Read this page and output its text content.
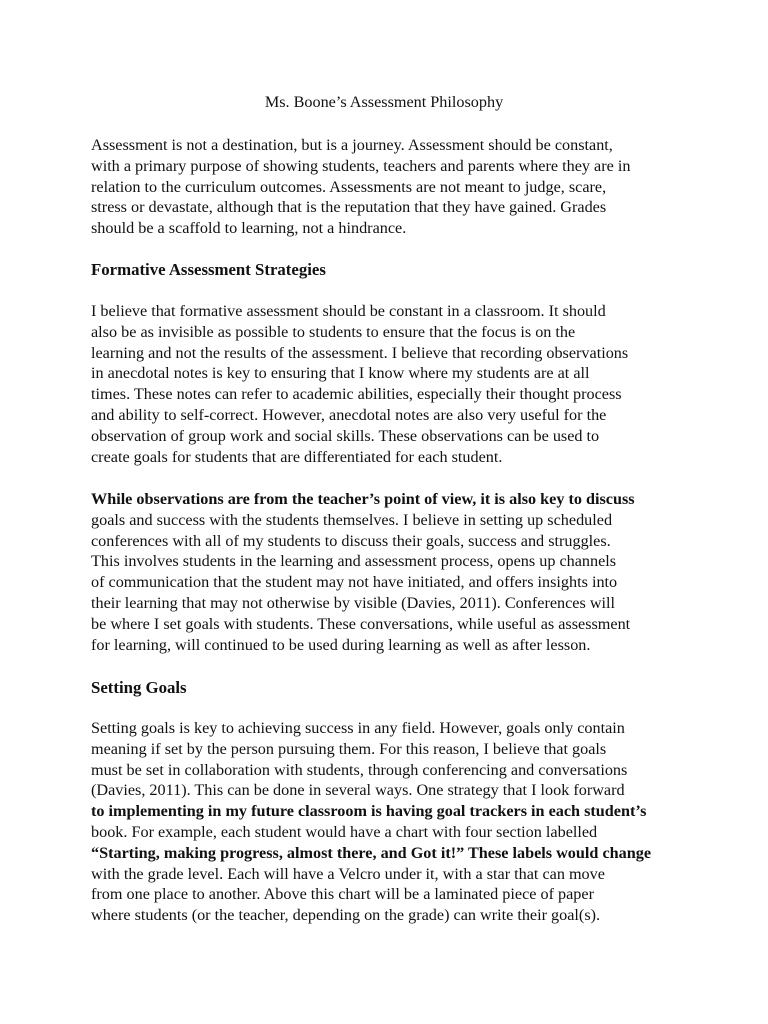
Ms. Boone’s Assessment Philosophy

Assessment is not a destination, but is a journey. Assessment should be constant,
with a primary purpose of showing students, teachers and parents where they are in
relation to the curriculum outcomes. Assessments are not meant to judge, scare,
stress or devastate, although that is the reputation that they have gained. Grades
should be a scaffold to learning, not a hindrance.

Formative Assessment Strategies

I believe that formative assessment should be constant in a classroom. It should
also be as invisible as possible to students to ensure that the focus is on the
learning and not the results of the assessment. I believe that recording observations
in anecdotal notes is key to ensuring that I know where my students are at all
times. These notes can refer to academic abilities, especially their thought process
and ability to self-correct. However, anecdotal notes are also very useful for the
observation of group work and social skills. These observations can be used to
create goals for students that are differentiated for each student.

While observations are from the teacher’s point of view, it is also key to discuss
goals and success with the students themselves. I believe in setting up scheduled
conferences with all of my students to discuss their goals, success and struggles.
This involves students in the learning and assessment process, opens up channels
of communication that the student may not have initiated, and offers insights into
their learning that may not otherwise by visible (Davies, 2011). Conferences will
be where I set goals with students. These conversations, while useful as assessment
for learning, will continued to be used during learning as well as after lesson.

Setting Goals

Setting goals is key to achieving success in any field. However, goals only contain
meaning if set by the person pursuing them. For this reason, I believe that goals
must be set in collaboration with students, through conferencing and conversations
(Davies, 2011). This can be done in several ways. One strategy that I look forward
to implementing in my future classroom is having goal trackers in each student’s
book. For example, each student would have a chart with four section labelled
“Starting, making progress, almost there, and Got it!” These labels would change
with the grade level. Each will have a Velcro under it, with a star that can move
from one place to another. Above this chart will be a laminated piece of paper
where students (or the teacher, depending on the grade) can write their goal(s).
